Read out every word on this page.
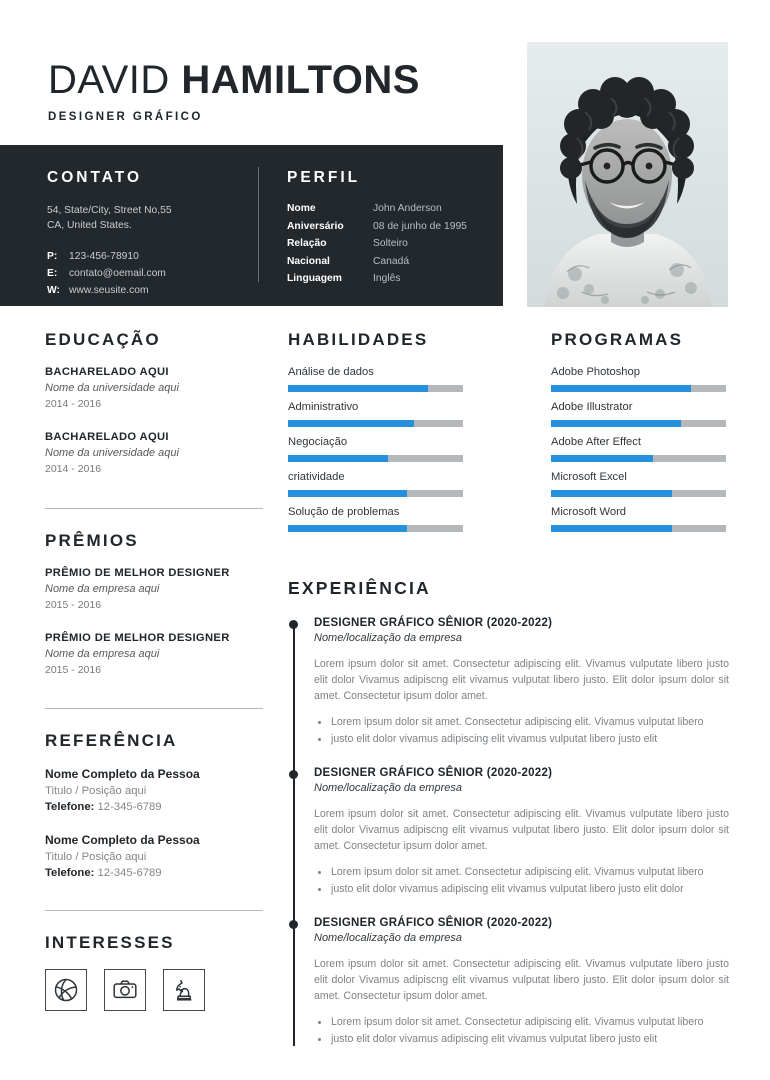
DAVID HAMILTONS
DESIGNER GRÁFICO
CONTATO
54, State/City, Street No,55
CA, United States.
P:	123-456-78910
E:	contato@oemail.com
W: www.seusite.com
PERFIL
Nome	John Anderson
Aniversário	08 de junho de 1995
Relação	Solteiro
Nacional	Canadá
Linguagem	Inglês
EDUCAÇÃO
BACHARELADO AQUI
Nome da universidade aqui
2014 - 2016
BACHARELADO AQUI
Nome da universidade aqui
2014 - 2016
PRÊMIOS
PRÊMIO DE MELHOR DESIGNER
Nome da empresa aqui
2015 - 2016
PRÊMIO DE MELHOR DESIGNER
Nome da empresa aqui
2015 - 2016
REFERÊNCIA
Nome Completo da Pessoa
Titulo / Posição aqui
Telefone: 12-345-6789
Nome Completo da Pessoa
Titulo / Posição aqui
Telefone: 12-345-6789
INTERESSES
HABILIDADES
Análise de dados
Administrativo
Negociação
criatividade
Solução de problemas
PROGRAMAS
Adobe Photoshop
Adobe Illustrator
Adobe After Effect
Microsoft Excel
Microsoft Word
EXPERIÊNCIA
DESIGNER GRÁFICO SÊNIOR (2020-2022)
Nome/localização da empresa
Lorem ipsum dolor sit amet. Consectetur adipiscing elit. Vivamus vulputate libero justo elit dolor Vivamus adipiscng elit vivamus vulputat libero justo. Elit dolor ipsum dolor sit amet. Consectetur ipsum dolor amet.
Lorem ipsum dolor sit amet. Consectetur adipiscing elit. Vivamus vulputat libero
justo elit dolor vivamus adipiscing elit vivamus vulputat libero justo elit
DESIGNER GRÁFICO SÊNIOR (2020-2022)
Nome/localização da empresa
Lorem ipsum dolor sit amet. Consectetur adipiscing elit. Vivamus vulputate libero justo elit dolor Vivamus adipiscng elit vivamus vulputat libero justo. Elit dolor ipsum dolor sit amet. Consectetur ipsum dolor amet.
Lorem ipsum dolor sit amet. Consectetur adipiscing elit. Vivamus vulputat libero
justo elit dolor vivamus adipiscing elit vivamus vulputat libero justo elit dolor
DESIGNER GRÁFICO SÊNIOR (2020-2022)
Nome/localização da empresa
Lorem ipsum dolor sit amet. Consectetur adipiscing elit. Vivamus vulputate libero justo elit dolor Vivamus adipiscng elit vivamus vulputat libero justo. Elit dolor ipsum dolor sit amet. Consectetur ipsum dolor amet.
Lorem ipsum dolor sit amet. Consectetur adipiscing elit. Vivamus vulputat libero
justo elit dolor vivamus adipiscing elit vivamus vulputat libero justo elit
